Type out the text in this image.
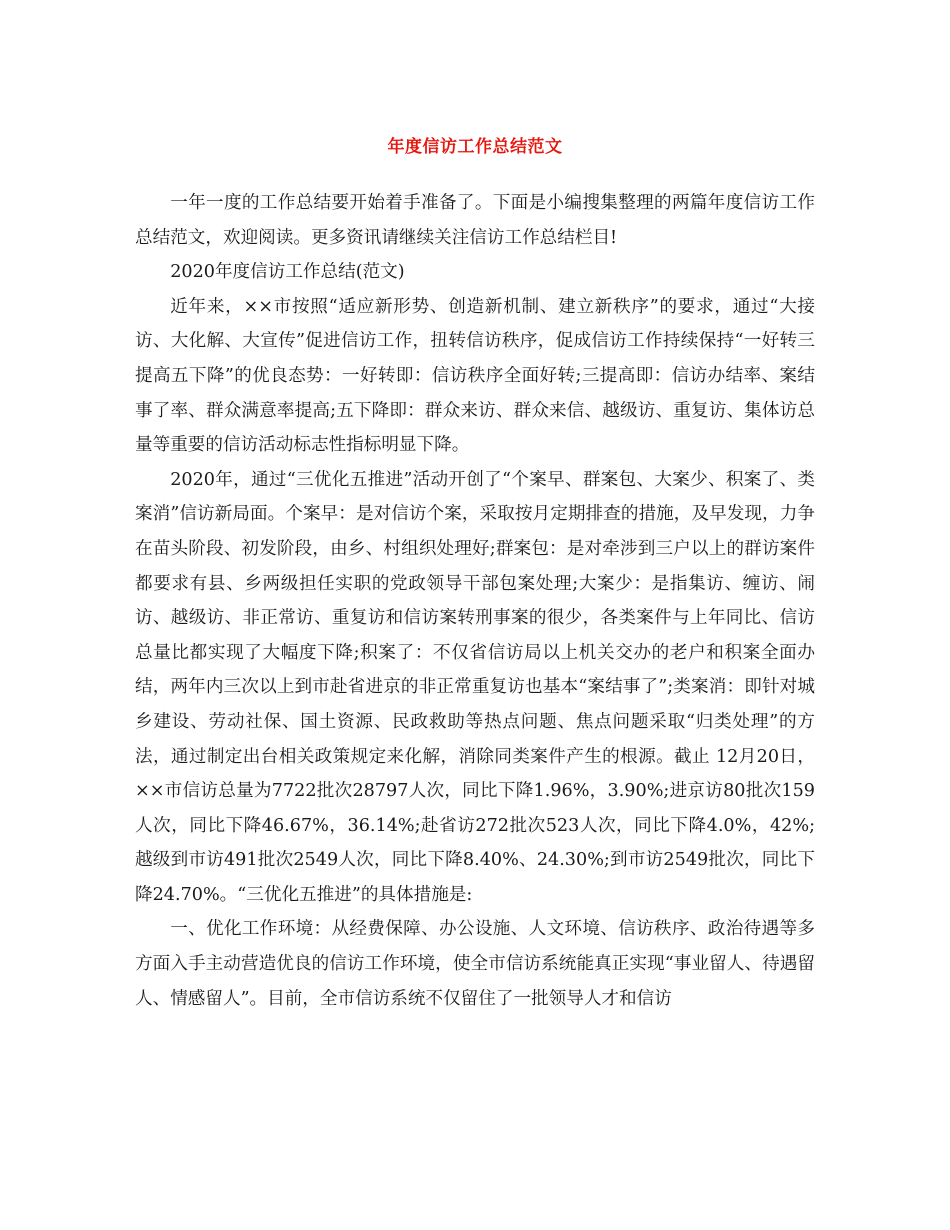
年度信访工作总结范文

一年一度的工作总结要开始着手准备了。下面是小编搜集整理的两篇年度信访工作总结范文，欢迎阅读。更多资讯请继续关注信访工作总结栏目!

2020年度信访工作总结(范文)

近年来，××市按照“适应新形势、创造新机制、建立新秩序”的要求，通过“大接访、大化解、大宣传”促进信访工作，扭转信访秩序，促成信访工作持续保持“一好转三提高五下降”的优良态势：一好转即：信访秩序全面好转;三提高即：信访办结率、案结事了率、群众满意率提高;五下降即：群众来访、群众来信、越级访、重复访、集体访总量等重要的信访活动标志性指标明显下降。

2020年，通过“三优化五推进”活动开创了“个案早、群案包、大案少、积案了、类案消”信访新局面。个案早：是对信访个案，采取按月定期排查的措施，及早发现，力争在苗头阶段、初发阶段，由乡、村组织处理好;群案包：是对牵涉到三户以上的群访案件都要求有县、乡两级担任实职的党政领导干部包案处理;大案少：是指集访、缠访、闹访、越级访、非正常访、重复访和信访案转刑事案的很少，各类案件与上年同比、信访总量比都实现了大幅度下降;积案了：不仅省信访局以上机关交办的老户和积案全面办结，两年内三次以上到市赴省进京的非正常重复访也基本“案结事了”;类案消：即针对城乡建设、劳动社保、国土资源、民政救助等热点问题、焦点问题采取“归类处理”的方法，通过制定出台相关政策规定来化解，消除同类案件产生的根源。截止 12月20日，××市信访总量为7722批次28797人次，同比下降1.96%，3.90%;进京访80批次159人次，同比下降46.67%，36.14%;赴省访272批次523人次，同比下降4.0%，42%;越级到市访491批次2549人次，同比下降8.40%、24.30%;到市访2549批次，同比下降24.70%。“三优化五推进”的具体措施是:

一、优化工作环境：从经费保障、办公设施、人文环境、信访秩序、政治待遇等多方面入手主动营造优良的信访工作环境，使全市信访系统能真正实现“事业留人、待遇留人、情感留人”。目前，全市信访系统不仅留住了一批领导人才和信访
